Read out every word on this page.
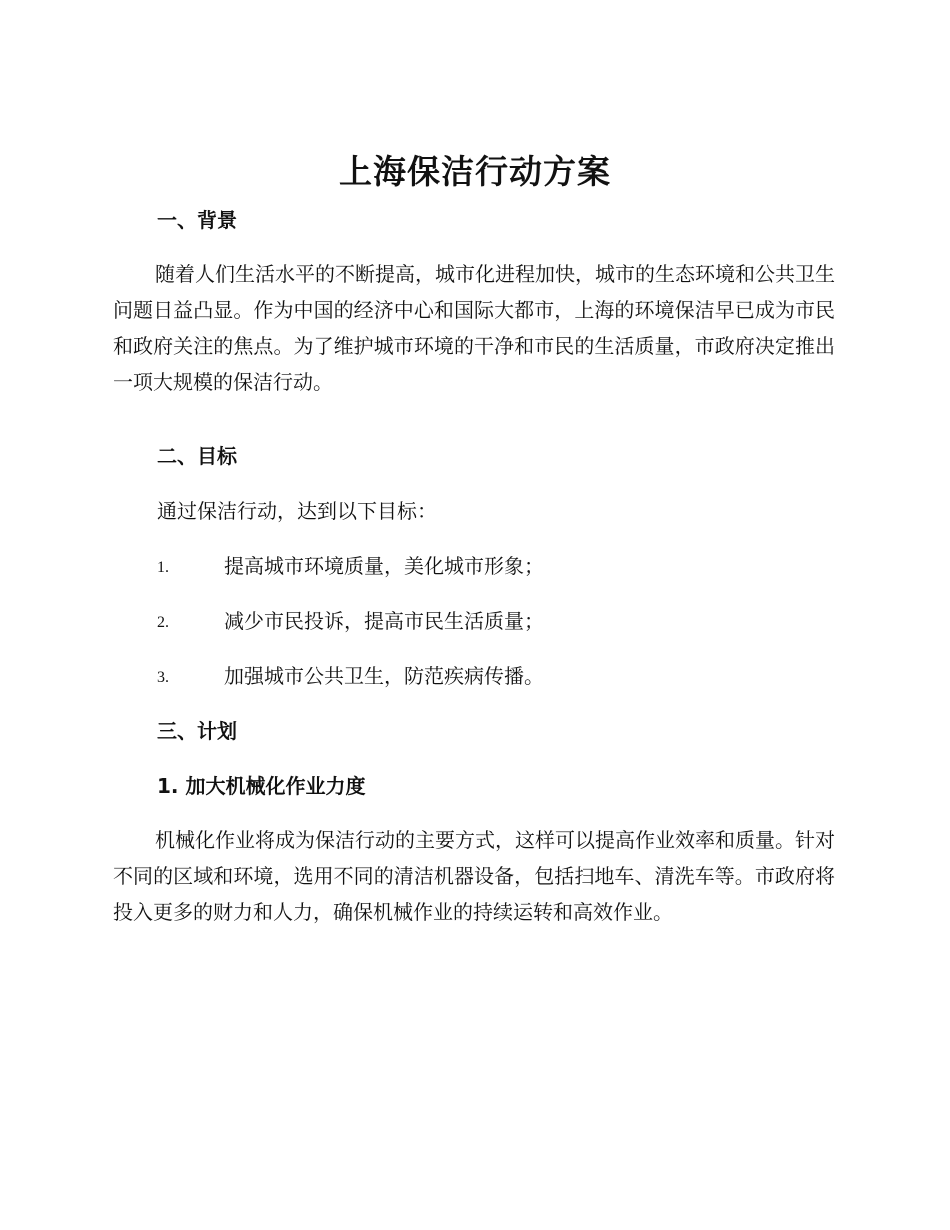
上海保洁行动方案
一、背景
随着人们生活水平的不断提高，城市化进程加快，城市的生态环境和公共卫生问题日益凸显。作为中国的经济中心和国际大都市，上海的环境保洁早已成为市民和政府关注的焦点。为了维护城市环境的干净和市民的生活质量，市政府决定推出一项大规模的保洁行动。
二、目标
通过保洁行动，达到以下目标：
1.	提高城市环境质量，美化城市形象；
2.	减少市民投诉，提高市民生活质量；
3.	加强城市公共卫生，防范疾病传播。
三、计划
1. 加大机械化作业力度
机械化作业将成为保洁行动的主要方式，这样可以提高作业效率和质量。针对不同的区域和环境，选用不同的清洁机器设备，包括扫地车、清洗车等。市政府将投入更多的财力和人力，确保机械作业的持续运转和高效作业。
